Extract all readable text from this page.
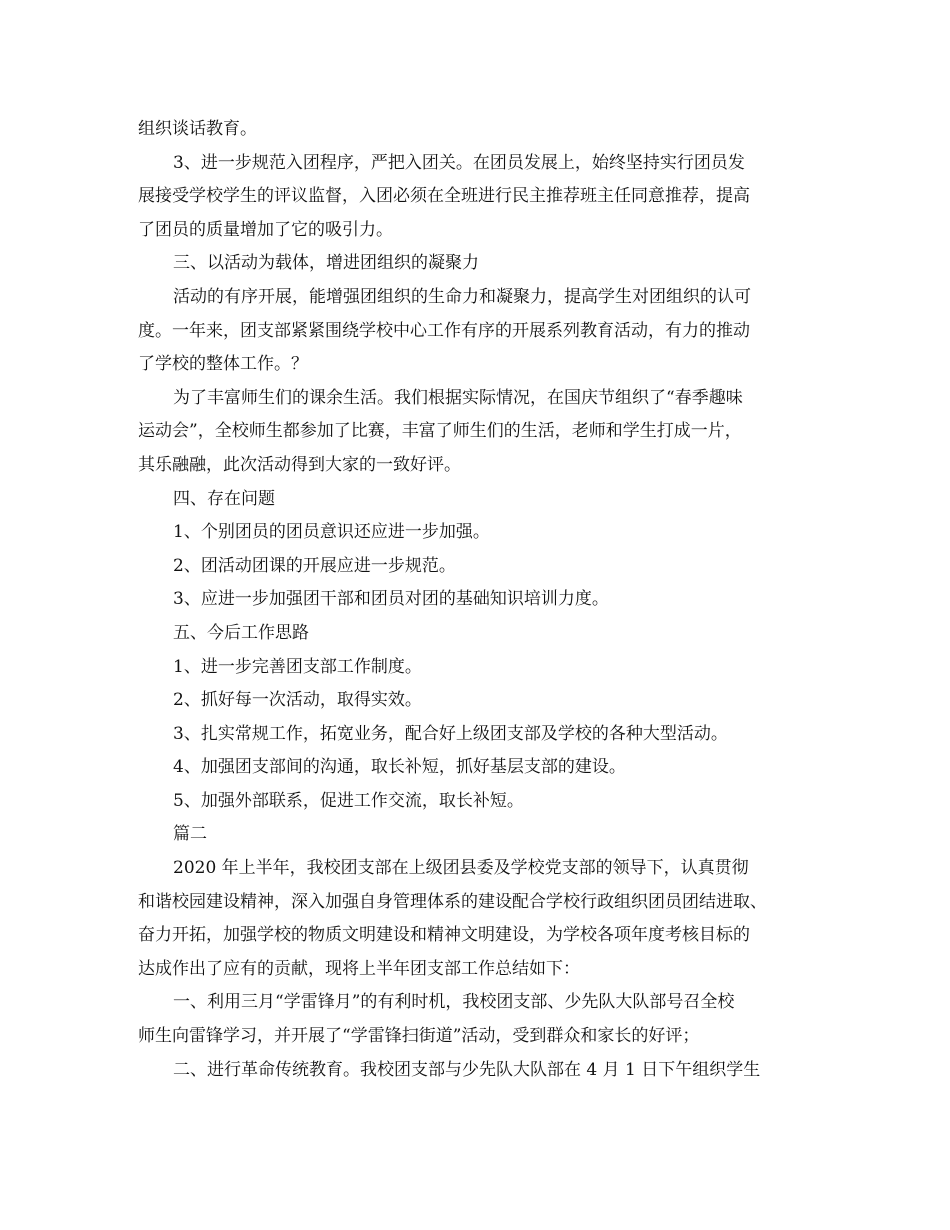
组织谈话教育。
3、进一步规范入团程序，严把入团关。在团员发展上，始终坚持实行团员发
展接受学校学生的评议监督，入团必须在全班进行民主推荐班主任同意推荐，提高
了团员的质量增加了它的吸引力。
三、以活动为载体，增进团组织的凝聚力
活动的有序开展，能增强团组织的生命力和凝聚力，提高学生对团组织的认可
度。一年来，团支部紧紧围绕学校中心工作有序的开展系列教育活动，有力的推动
了学校的整体工作。？
为了丰富师生们的课余生活。我们根据实际情况，在国庆节组织了“春季趣味
运动会”，全校师生都参加了比赛，丰富了师生们的生活，老师和学生打成一片，
其乐融融，此次活动得到大家的一致好评。
四、存在问题
1、个别团员的团员意识还应进一步加强。
2、团活动团课的开展应进一步规范。
3、应进一步加强团干部和团员对团的基础知识培训力度。
五、今后工作思路
1、进一步完善团支部工作制度。
2、抓好每一次活动，取得实效。
3、扎实常规工作，拓宽业务，配合好上级团支部及学校的各种大型活动。
4、加强团支部间的沟通，取长补短，抓好基层支部的建设。
5、加强外部联系，促进工作交流，取长补短。
篇二
2020 年上半年，我校团支部在上级团县委及学校党支部的领导下，认真贯彻
和谐校园建设精神，深入加强自身管理体系的建设配合学校行政组织团员团结进取、
奋力开拓，加强学校的物质文明建设和精神文明建设，为学校各项年度考核目标的
达成作出了应有的贡献，现将上半年团支部工作总结如下：
一、利用三月“学雷锋月”的有利时机，我校团支部、少先队大队部号召全校
师生向雷锋学习，并开展了“学雷锋扫街道”活动，受到群众和家长的好评；
二、进行革命传统教育。我校团支部与少先队大队部在 4 月 1 日下午组织学生
